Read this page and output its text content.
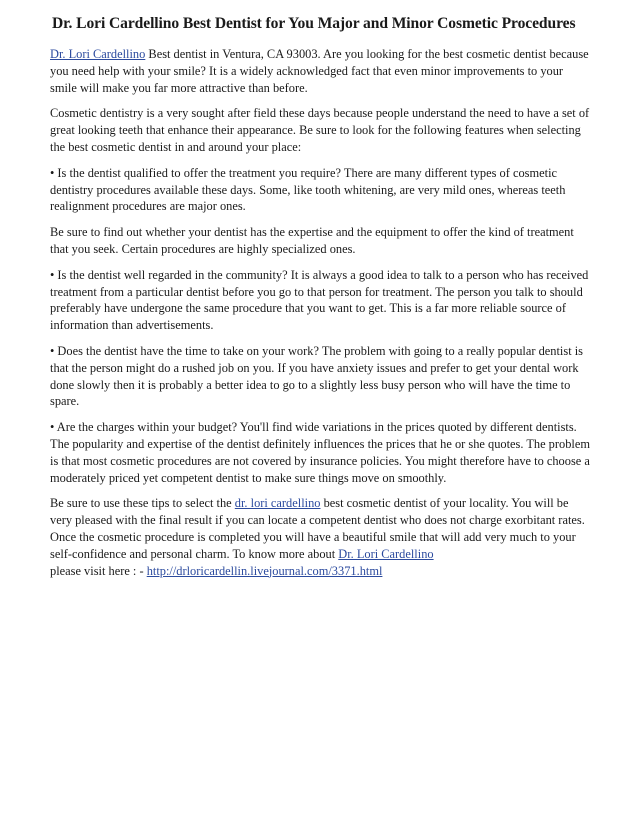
Dr. Lori Cardellino Best Dentist for You Major and Minor Cosmetic Procedures

Dr. Lori Cardellino Best dentist in Ventura, CA 93003. Are you looking for the best cosmetic dentist because you need help with your smile? It is a widely acknowledged fact that even minor improvements to your smile will make you far more attractive than before.

Cosmetic dentistry is a very sought after field these days because people understand the need to have a set of great looking teeth that enhance their appearance. Be sure to look for the following features when selecting the best cosmetic dentist in and around your place:

• Is the dentist qualified to offer the treatment you require? There are many different types of cosmetic dentistry procedures available these days. Some, like tooth whitening, are very mild ones, whereas teeth realignment procedures are major ones.

Be sure to find out whether your dentist has the expertise and the equipment to offer the kind of treatment that you seek. Certain procedures are highly specialized ones.

• Is the dentist well regarded in the community? It is always a good idea to talk to a person who has received treatment from a particular dentist before you go to that person for treatment. The person you talk to should preferably have undergone the same procedure that you want to get. This is a far more reliable source of information than advertisements.

• Does the dentist have the time to take on your work? The problem with going to a really popular dentist is that the person might do a rushed job on you. If you have anxiety issues and prefer to get your dental work done slowly then it is probably a better idea to go to a slightly less busy person who will have the time to spare.

• Are the charges within your budget? You'll find wide variations in the prices quoted by different dentists. The popularity and expertise of the dentist definitely influences the prices that he or she quotes. The problem is that most cosmetic procedures are not covered by insurance policies. You might therefore have to choose a moderately priced yet competent dentist to make sure things move on smoothly.

Be sure to use these tips to select the dr. lori cardellino best cosmetic dentist of your locality. You will be very pleased with the final result if you can locate a competent dentist who does not charge exorbitant rates. Once the cosmetic procedure is completed you will have a beautiful smile that will add very much to your self-confidence and personal charm. To know more about Dr. Lori Cardellino
please visit here : - http://drloricardellin.livejournal.com/3371.html
